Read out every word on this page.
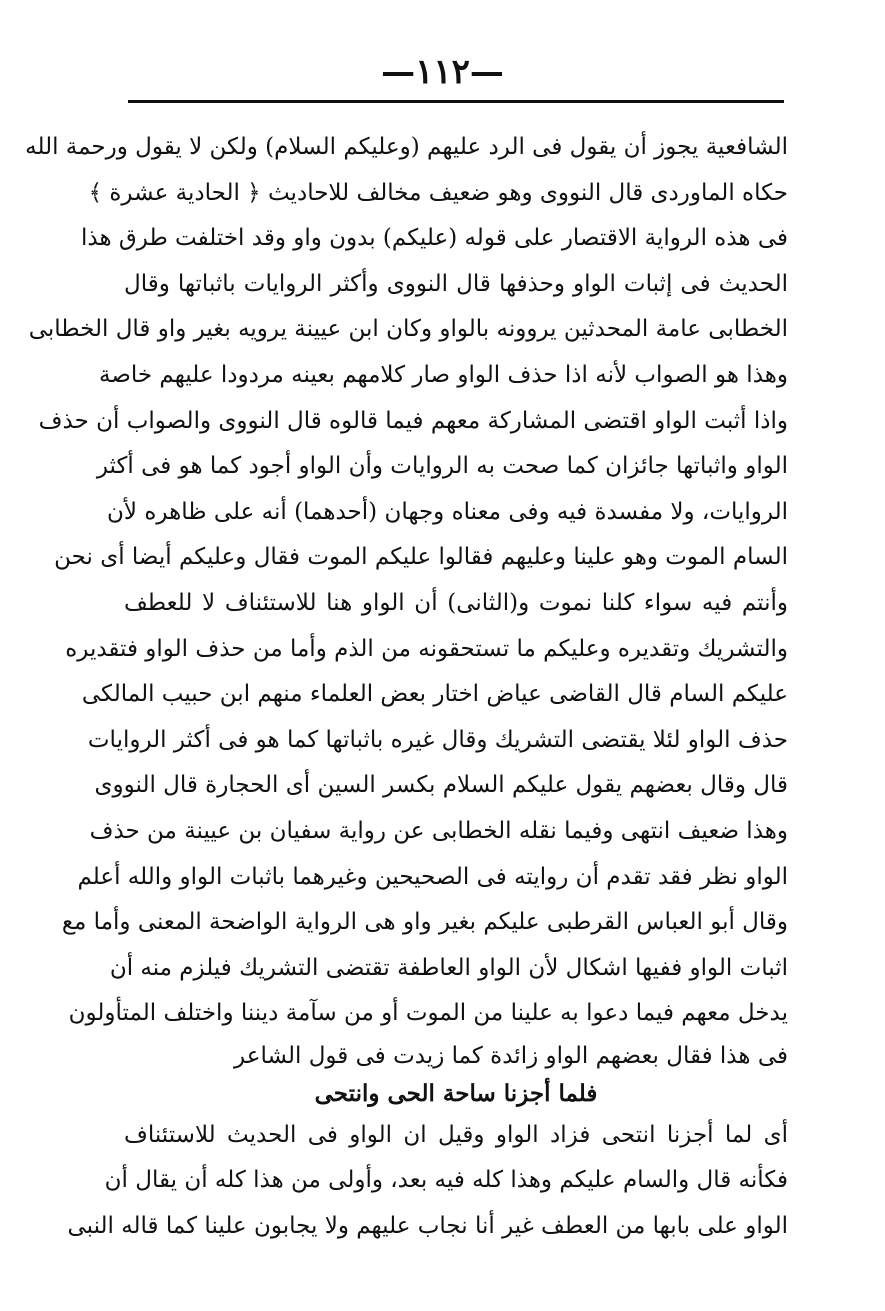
—۱۱۲—
الشافعية يجوز أن يقول فى الرد عليهم (وعليكم السلام) ولكن لا يقول ورحمة الله
حكاه الماوردى قال النووى وهو ضعيف مخالف للاحاديث ﴿ الحادية عشرة ﴾
فى هذه الرواية الاقتصار على قوله (عليكم) بدون واو وقد اختلفت طرق هذا
الحديث فى إثبات الواو وحذفها قال النووى وأكثر الروايات باثباتها وقال
الخطابى عامة المحدثين يروونه بالواو وكان ابن عيينة يرويه بغير واو قال الخطابى
وهذا هو الصواب لأنه اذا حذف الواو صار كلامهم بعينه مردودا عليهم خاصة
واذا أثبت الواو اقتضى المشاركة معهم فيما قالوه قال النووى والصواب أن حذف
الواو واثباتها جائزان كما صحت به الروايات وأن الواو أجود كما هو فى أكثر
الروايات، ولا مفسدة فيه وفى معناه وجهان (أحدهما) أنه على ظاهره لأن
السام الموت وهو علينا وعليهم فقالوا عليكم الموت فقال وعليكم أيضا أى نحن
وأنتم فيه سواء كلنا نموت و(الثانى) أن الواو هنا للاستئناف لا للعطف
والتشريك وتقديره وعليكم ما تستحقونه من الذم وأما من حذف الواو فتقديره
عليكم السام قال القاضى عياض اختار بعض العلماء منهم ابن حبيب المالكى
حذف الواو لئلا يقتضى التشريك وقال غيره باثباتها كما هو فى أكثر الروايات
قال وقال بعضهم يقول عليكم السلام بكسر السين أى الحجارة قال النووى
وهذا ضعيف انتهى وفيما نقله الخطابى عن رواية سفيان بن عيينة من حذف
الواو نظر فقد تقدم أن روايته فى الصحيحين وغيرهما باثبات الواو والله أعلم
وقال أبو العباس القرطبى عليكم بغير واو هى الرواية الواضحة المعنى وأما مع
اثبات الواو ففيها اشكال لأن الواو العاطفة تقتضى التشريك فيلزم منه أن
يدخل معهم فيما دعوا به علينا من الموت أو من سآمة ديننا واختلف المتأولون
فى هذا فقال بعضهم الواو زائدة كما زيدت فى قول الشاعر
فلما أجزنا ساحة الحى وانتحى
أى لما أجزنا انتحى فزاد الواو وقيل ان الواو فى الحديث للاستئناف
فكأنه قال والسام عليكم وهذا كله فيه بعد، وأولى من هذا كله أن يقال أن
الواو على بابها من العطف غير أنا نجاب عليهم ولا يجابون علينا كما قاله النبى
